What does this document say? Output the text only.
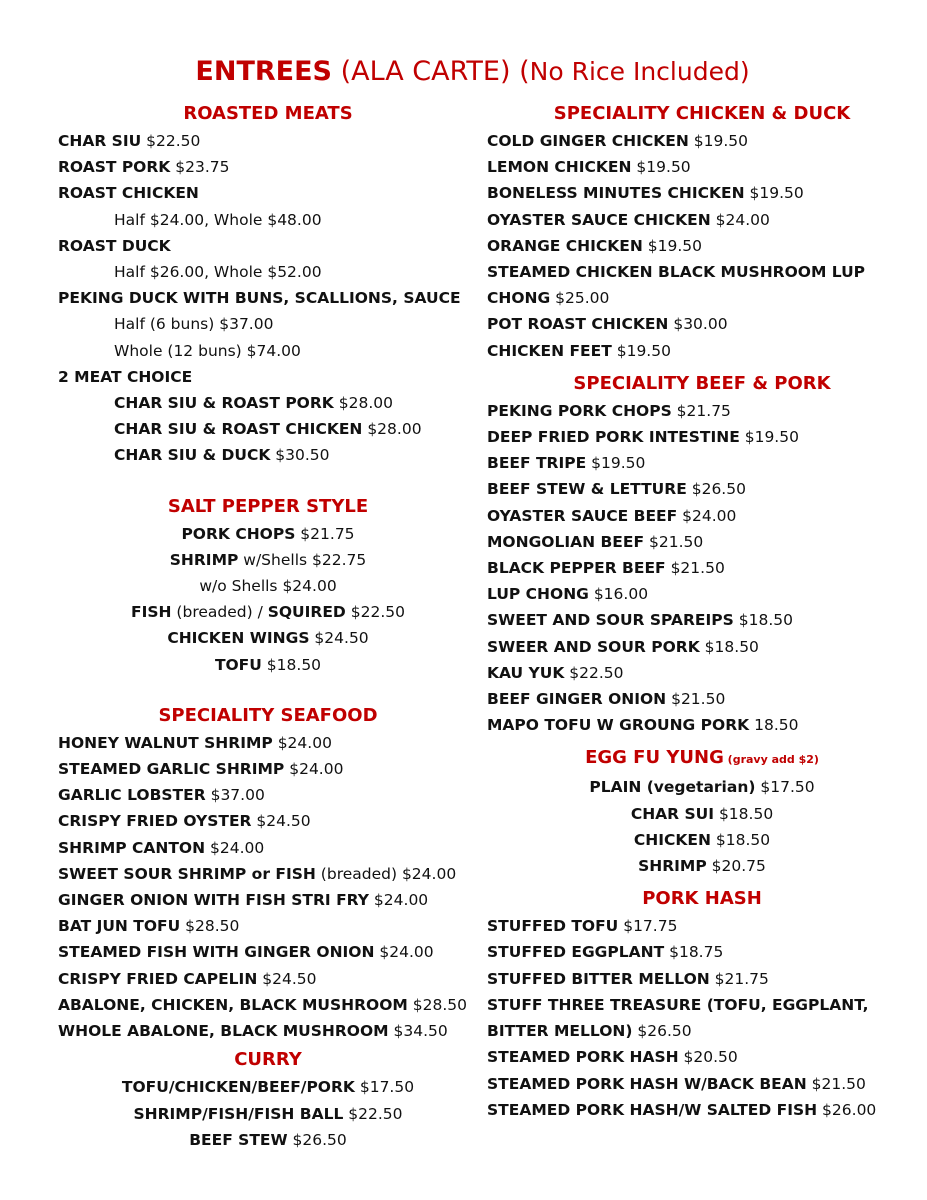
ENTREES (ALA CARTE) (No Rice Included)
ROASTED MEATS
CHAR SIU $22.50
ROAST PORK $23.75
ROAST CHICKEN
Half $24.00, Whole $48.00
ROAST DUCK
Half $26.00, Whole $52.00
PEKING DUCK WITH BUNS, SCALLIONS, SAUCE
Half (6 buns) $37.00
Whole (12 buns) $74.00
2 MEAT CHOICE
CHAR SIU & ROAST PORK $28.00
CHAR SIU & ROAST CHICKEN $28.00
CHAR SIU & DUCK $30.50
SALT PEPPER STYLE
PORK CHOPS $21.75
SHRIMP w/Shells $22.75
w/o Shells $24.00
FISH (breaded) / SQUIRED $22.50
CHICKEN WINGS $24.50
TOFU $18.50
SPECIALITY SEAFOOD
HONEY WALNUT SHRIMP $24.00
STEAMED GARLIC SHRIMP $24.00
GARLIC LOBSTER $37.00
CRISPY FRIED OYSTER $24.50
SHRIMP CANTON $24.00
SWEET SOUR SHRIMP or FISH (breaded) $24.00
GINGER ONION WITH FISH STRI FRY $24.00
BAT JUN TOFU $28.50
STEAMED FISH WITH GINGER ONION $24.00
CRISPY FRIED CAPELIN $24.50
ABALONE, CHICKEN, BLACK MUSHROOM $28.50
WHOLE ABALONE, BLACK MUSHROOM $34.50
CURRY
TOFU/CHICKEN/BEEF/PORK $17.50
SHRIMP/FISH/FISH BALL $22.50
BEEF STEW $26.50
SPECIALITY CHICKEN & DUCK
COLD GINGER CHICKEN $19.50
LEMON CHICKEN $19.50
BONELESS MINUTES CHICKEN $19.50
OYASTER SAUCE CHICKEN $24.00
ORANGE CHICKEN $19.50
STEAMED CHICKEN BLACK MUSHROOM LUP
CHONG $25.00
POT ROAST CHICKEN $30.00
CHICKEN FEET $19.50
SPECIALITY BEEF & PORK
PEKING PORK CHOPS $21.75
DEEP FRIED PORK INTESTINE $19.50
BEEF TRIPE $19.50
BEEF STEW & LETTURE $26.50
OYASTER SAUCE BEEF $24.00
MONGOLIAN BEEF $21.50
BLACK PEPPER BEEF $21.50
LUP CHONG $16.00
SWEET AND SOUR SPAREIPS $18.50
SWEER AND SOUR PORK $18.50
KAU YUK $22.50
BEEF GINGER ONION $21.50
MAPO TOFU W GROUNG PORK 18.50
EGG FU YUNG (gravy add $2)
PLAIN (vegetarian) $17.50
CHAR SUI $18.50
CHICKEN $18.50
SHRIMP $20.75
PORK HASH
STUFFED TOFU $17.75
STUFFED EGGPLANT $18.75
STUFFED BITTER MELLON $21.75
STUFF THREE TREASURE (TOFU, EGGPLANT,
BITTER MELLON) $26.50
STEAMED PORK HASH $20.50
STEAMED PORK HASH W/BACK BEAN $21.50
STEAMED PORK HASH/W SALTED FISH $26.00
